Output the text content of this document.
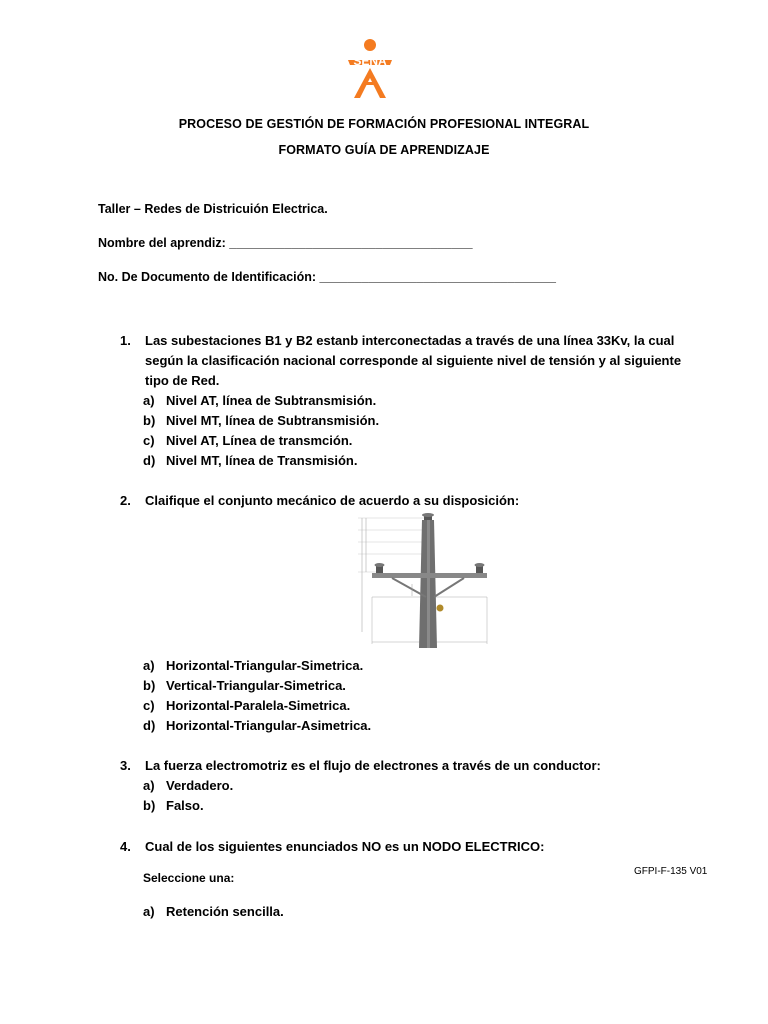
SENA
PROCESO DE GESTIÓN DE FORMACIÓN PROFESIONAL INTEGRAL
FORMATO GUÍA DE APRENDIZAJE
Taller – Redes de Districuión Electrica.
Nombre del aprendiz: ___________________________________
No. De Documento de Identificación: __________________________________
1. Las subestaciones B1 y B2 estanb interconectadas a través de una línea 33Kv, la cual según la clasificación nacional corresponde al siguiente nivel de tensión y al siguiente tipo de Red.
a) Nivel AT, línea de Subtransmisión.
b) Nivel MT, línea de Subtransmisión.
c) Nivel AT, Línea de transmción.
d) Nivel MT, línea de Transmisión.
2. Claifique el conjunto mecánico de acuerdo a su disposición:
a) Horizontal-Triangular-Simetrica.
b) Vertical-Triangular-Simetrica.
c) Horizontal-Paralela-Simetrica.
d) Horizontal-Triangular-Asimetrica.
3. La fuerza electromotriz es el flujo de electrones a través de un conductor:
a) Verdadero.
b) Falso.
4. Cual de los siguientes enunciados NO es un NODO ELECTRICO:
GFPI-F-135 V01
Seleccione una:
a) Retención sencilla.
